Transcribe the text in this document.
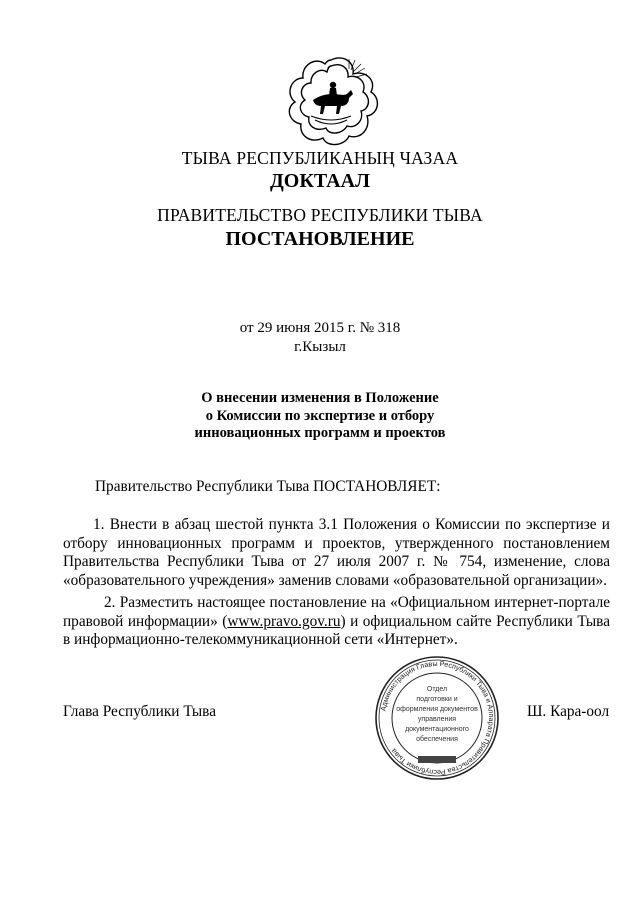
ТЫВА РЕСПУБЛИКАНЫҢ ЧАЗАА
ДОКТААЛ
ПРАВИТЕЛЬСТВО РЕСПУБЛИКИ ТЫВА
ПОСТАНОВЛЕНИЕ
от 29 июня 2015 г. № 318
г.Кызыл
О внесении изменения в Положение
о Комиссии по экспертизе и отбору
инновационных программ и проектов
Правительство Республики Тыва ПОСТАНОВЛЯЕТ:
1. Внести в абзац шестой пункта 3.1 Положения о Комиссии по экспертизе и отбору инновационных программ и проектов, утвержденного постановлением Правительства Республики Тыва от 27 июля 2007 г. № 754, изменение, слова «образовательного учреждения» заменив словами «образовательной организации».
2. Разместить настоящее постановление на «Официальном интернет-портале правовой информации» (www.pravo.gov.ru) и официальном сайте Республики Тыва в информационно-телекоммуникационной сети «Интернет».
Глава Республики Тыва	Ш. Кара-оол
Администрация Главы Республики Тыва и Аппарата Правительства Республики Тыва
Отдел
подготовки и
оформления документов
управления
документационного
обеспечения
